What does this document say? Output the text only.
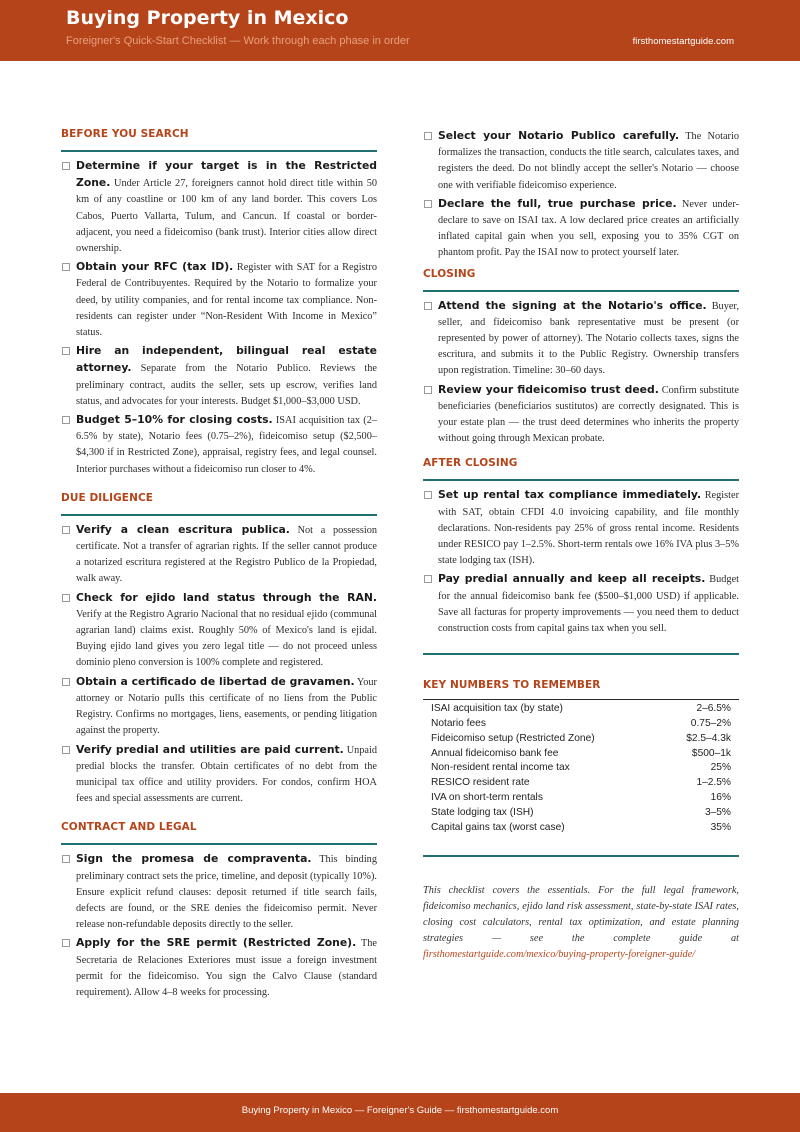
Buying Property in Mexico
Foreigner's Quick-Start Checklist — Work through each phase in order	firsthomestartguide.com
BEFORE YOU SEARCH
Determine if your target is in the Restricted Zone. Under Article 27, foreigners cannot hold direct title within 50 km of any coastline or 100 km of any land border. This covers Los Cabos, Puerto Vallarta, Tulum, and Cancun. If coastal or border-adjacent, you need a fideicomiso (bank trust). Interior cities allow direct ownership.
Obtain your RFC (tax ID). Register with SAT for a Registro Federal de Contribuyentes. Required by the Notario to formalize your deed, by utility companies, and for rental income tax compliance. Non-residents can register under “Non-Resident With Income in Mexico” status.
Hire an independent, bilingual real estate attorney. Separate from the Notario Publico. Reviews the preliminary contract, audits the seller, sets up escrow, verifies land status, and advocates for your interests. Budget $1,000–$3,000 USD.
Budget 5–10% for closing costs. ISAI acquisition tax (2–6.5% by state), Notario fees (0.75–2%), fideicomiso setup ($2,500–$4,300 if in Restricted Zone), appraisal, registry fees, and legal counsel. Interior purchases without a fideicomiso run closer to 4%.
DUE DILIGENCE
Verify a clean escritura publica. Not a possession certificate. Not a transfer of agrarian rights. If the seller cannot produce a notarized escritura registered at the Registro Publico de la Propiedad, walk away.
Check for ejido land status through the RAN. Verify at the Registro Agrario Nacional that no residual ejido (communal agrarian land) claims exist. Roughly 50% of Mexico's land is ejidal. Buying ejido land gives you zero legal title — do not proceed unless dominio pleno conversion is 100% complete and registered.
Obtain a certificado de libertad de gravamen. Your attorney or Notario pulls this certificate of no liens from the Public Registry. Confirms no mortgages, liens, easements, or pending litigation against the property.
Verify predial and utilities are paid current. Unpaid predial blocks the transfer. Obtain certificates of no debt from the municipal tax office and utility providers. For condos, confirm HOA fees and special assessments are current.
CONTRACT AND LEGAL
Sign the promesa de compraventa. This binding preliminary contract sets the price, timeline, and deposit (typically 10%). Ensure explicit refund clauses: deposit returned if title search fails, defects are found, or the SRE denies the fideicomiso permit. Never release non-refundable deposits directly to the seller.
Apply for the SRE permit (Restricted Zone). The Secretaria de Relaciones Exteriores must issue a foreign investment permit for the fideicomiso. You sign the Calvo Clause (standard requirement). Allow 4–8 weeks for processing.
Select your Notario Publico carefully. The Notario formalizes the transaction, conducts the title search, calculates taxes, and registers the deed. Do not blindly accept the seller's Notario — choose one with verifiable fideicomiso experience.
Declare the full, true purchase price. Never under-declare to save on ISAI tax. A low declared price creates an artificially inflated capital gain when you sell, exposing you to 35% CGT on phantom profit. Pay the ISAI now to protect yourself later.
CLOSING
Attend the signing at the Notario's office. Buyer, seller, and fideicomiso bank representative must be present (or represented by power of attorney). The Notario collects taxes, signs the escritura, and submits it to the Public Registry. Ownership transfers upon registration. Timeline: 30–60 days.
Review your fideicomiso trust deed. Confirm substitute beneficiaries (beneficiarios sustitutos) are correctly designated. This is your estate plan — the trust deed determines who inherits the property without going through Mexican probate.
AFTER CLOSING
Set up rental tax compliance immediately. Register with SAT, obtain CFDI 4.0 invoicing capability, and file monthly declarations. Non-residents pay 25% of gross rental income. Residents under RESICO pay 1–2.5%. Short-term rentals owe 16% IVA plus 3–5% state lodging tax (ISH).
Pay predial annually and keep all receipts. Budget for the annual fideicomiso bank fee ($500–$1,000 USD) if applicable. Save all facturas for property improvements — you need them to deduct construction costs from capital gains tax when you sell.
KEY NUMBERS TO REMEMBER
ISAI acquisition tax (by state)	2–6.5%
Notario fees	0.75–2%
Fideicomiso setup (Restricted Zone)	$2.5–4.3k
Annual fideicomiso bank fee	$500–1k
Non-resident rental income tax	25%
RESICO resident rate	1–2.5%
IVA on short-term rentals	16%
State lodging tax (ISH)	3–5%
Capital gains tax (worst case)	35%
This checklist covers the essentials. For the full legal framework, fideicomiso mechanics, ejido land risk assessment, state-by-state ISAI rates, closing cost calculators, rental tax optimization, and estate planning strategies — see the complete guide at firsthomestartguide.com/mexico/buying-property-foreigner-guide/
Buying Property in Mexico — Foreigner's Guide — firsthomestartguide.com
